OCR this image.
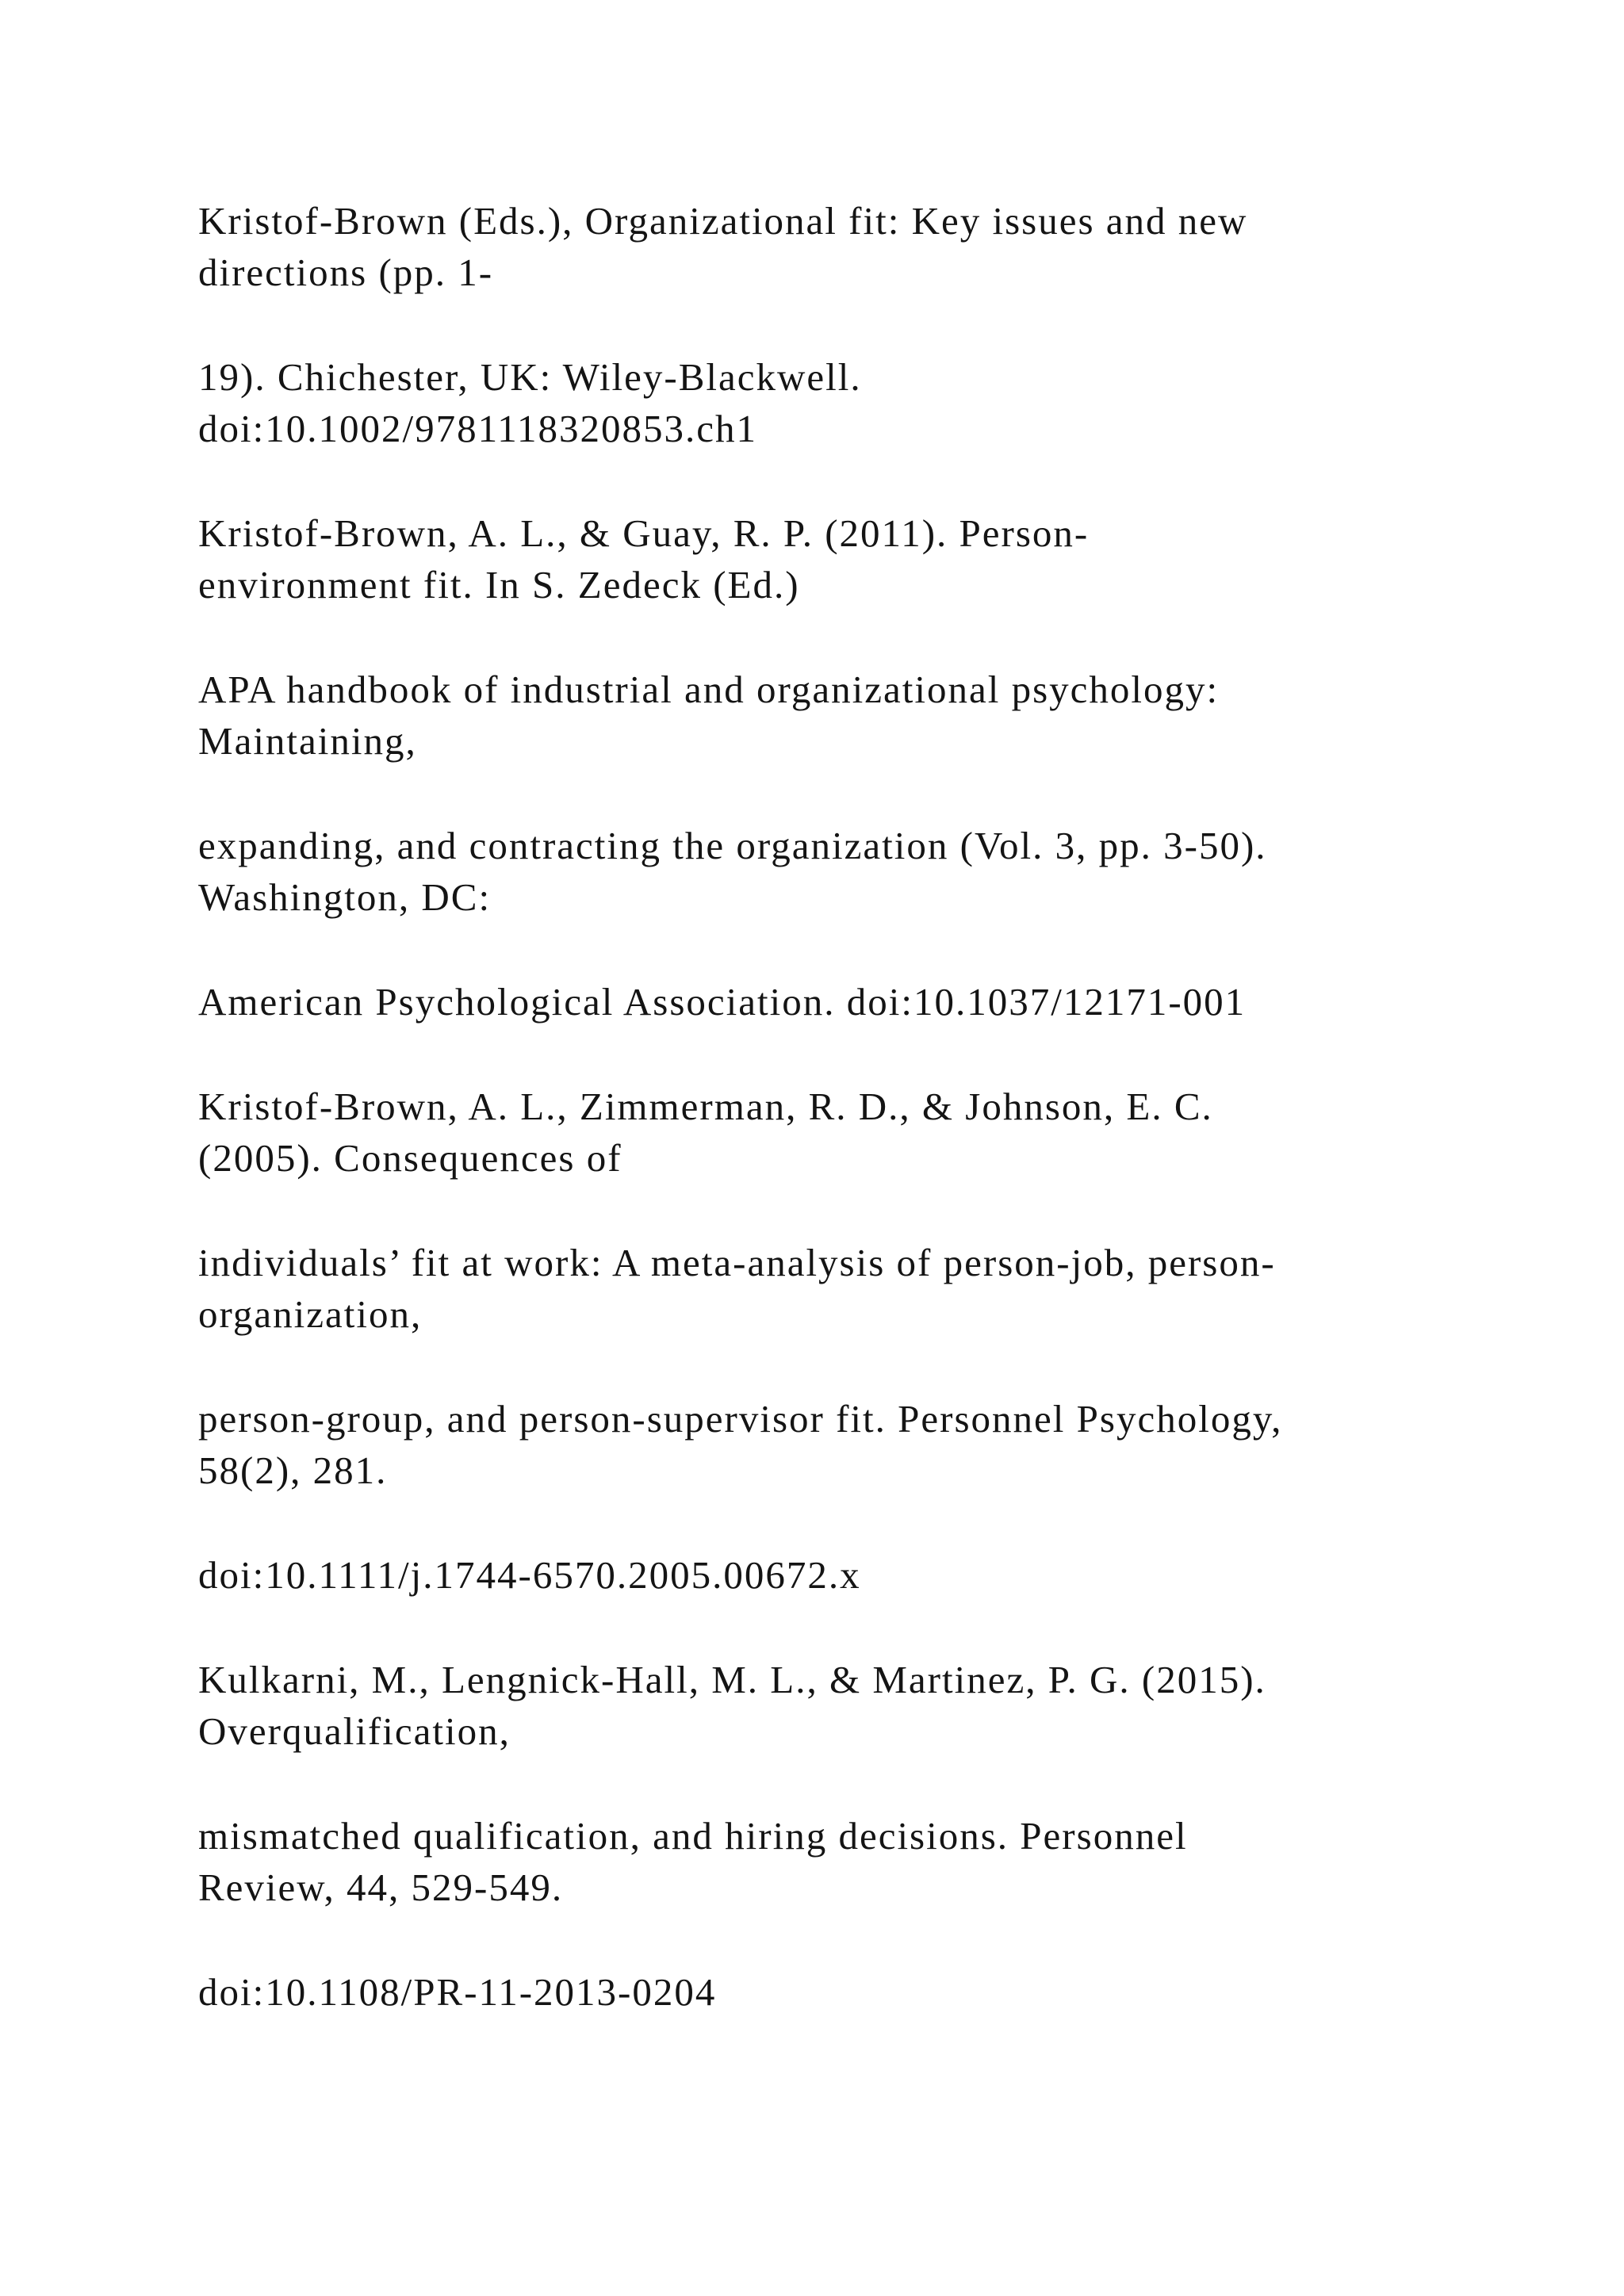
Kristof-Brown (Eds.), Organizational fit: Key issues and new
directions (pp. 1-

19). Chichester, UK: Wiley-Blackwell.
doi:10.1002/9781118320853.ch1

Kristof-Brown, A. L., & Guay, R. P. (2011). Person-
environment fit. In S. Zedeck (Ed.)

APA handbook of industrial and organizational psychology:
Maintaining,

expanding, and contracting the organization (Vol. 3, pp. 3-50).
Washington, DC:

American Psychological Association. doi:10.1037/12171-001

Kristof-Brown, A. L., Zimmerman, R. D., & Johnson, E. C.
(2005). Consequences of

individuals’ fit at work: A meta-analysis of person-job, person-
organization,

person-group, and person-supervisor fit. Personnel Psychology,
58(2), 281.

doi:10.1111/j.1744-6570.2005.00672.x

Kulkarni, M., Lengnick-Hall, M. L., & Martinez, P. G. (2015).
Overqualification,

mismatched qualification, and hiring decisions. Personnel
Review, 44, 529-549.

doi:10.1108/PR-11-2013-0204
